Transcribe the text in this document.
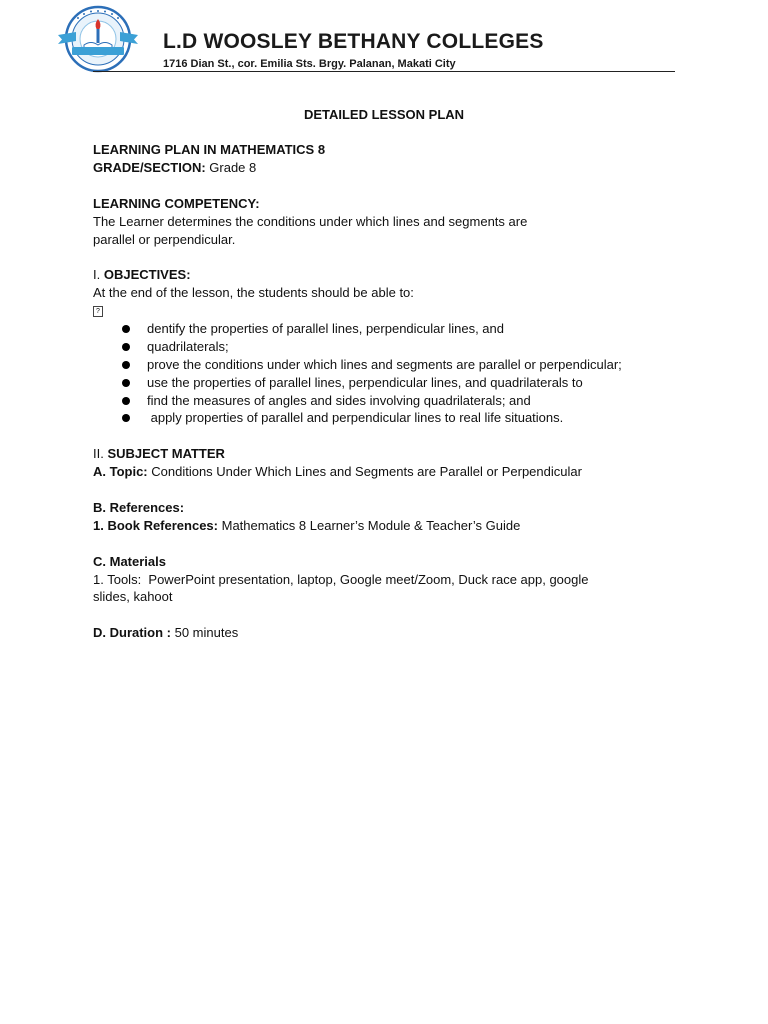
L.D WOOSLEY BETHANY COLLEGES
1716 Dian St., cor. Emilia Sts. Brgy. Palanan, Makati City
DETAILED LESSON PLAN

LEARNING PLAN IN MATHEMATICS 8

GRADE/SECTION: Grade 8

LEARNING COMPETENCY:

The Learner determines the conditions under which lines and segments are

parallel or perpendicular.

I. OBJECTIVES:

At the end of the lesson, the students should be able to:

?

dentify the properties of parallel lines, perpendicular lines, and
quadrilaterals;
prove the conditions under which lines and segments are parallel or perpendicular;
use the properties of parallel lines, perpendicular lines, and quadrilaterals to
find the measures of angles and sides involving quadrilaterals; and
apply properties of parallel and perpendicular lines to real life situations.

II. SUBJECT MATTER

A. Topic: Conditions Under Which Lines and Segments are Parallel or Perpendicular

B. References:

1. Book References: Mathematics 8 Learner’s Module & Teacher’s Guide

C. Materials

1. Tools:  PowerPoint presentation, laptop, Google meet/Zoom, Duck race app, google

slides, kahoot

D. Duration : 50 minutes
